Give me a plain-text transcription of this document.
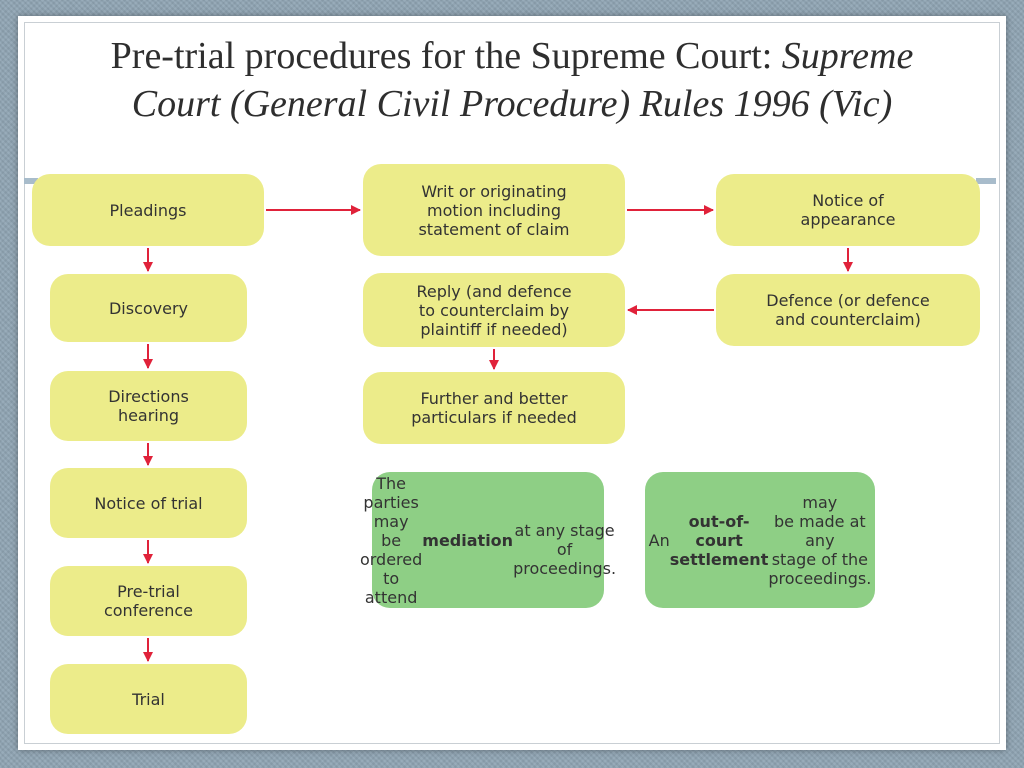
Pre-trial procedures for the Supreme Court: Supreme
Court (General Civil Procedure) Rules 1996 (Vic)
Pleadings
Discovery
Directions
hearing
Notice of trial
Pre-trial
conference
Trial
Writ or originating
motion including
statement of claim
Reply (and defence
to counterclaim by
plaintiff if needed)
Further and better
particulars if needed
Notice of
appearance
Defence (or defence
and counterclaim)
The parties may
be ordered to
attend
mediation
at any stage of
proceedings.
An
out-of-court
settlement
may
be made at any
stage of the
proceedings.
